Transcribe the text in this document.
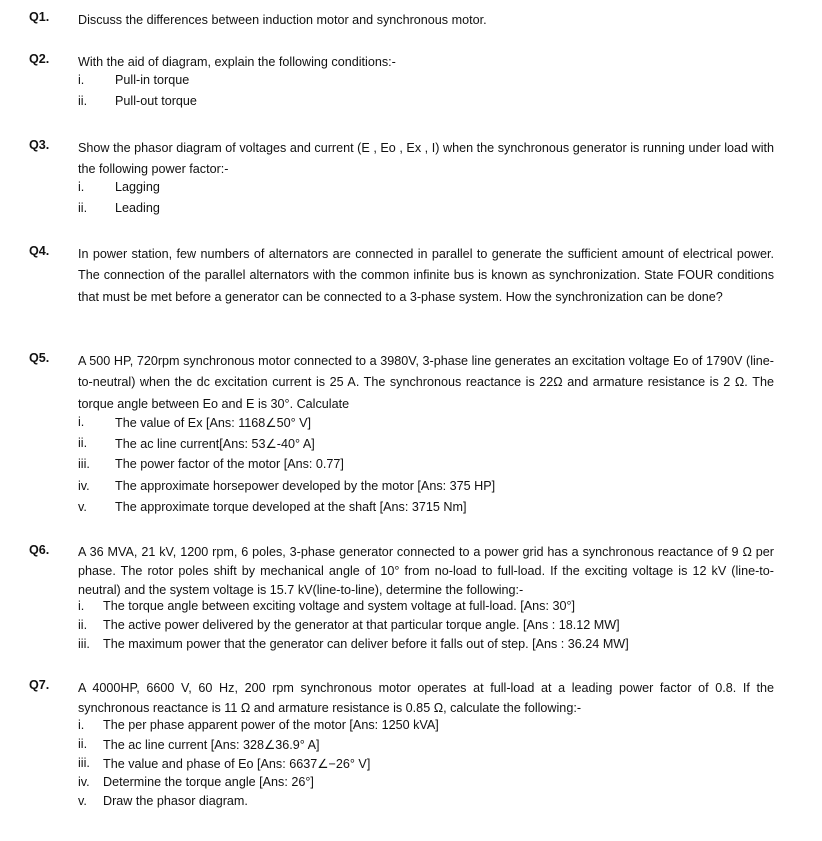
Q1. Discuss the differences between induction motor and synchronous motor.

Q2. With the aid of diagram, explain the following conditions:-

i. Pull-in torque
ii. Pull-out torque
Q3. Show the phasor diagram of voltages and current (E , Eo , Ex , I) when the synchronous generator is running under load with the following power factor:-

i. Lagging
ii. Leading
Q4. In power station, few numbers of alternators are connected in parallel to generate the sufficient amount of electrical power. The connection of the parallel alternators with the common infinite bus is known as synchronization. State FOUR conditions that must be met before a generator can be connected to a 3-phase system. How the synchronization can be done?

Q5. A 500 HP, 720rpm synchronous motor connected to a 3980V, 3-phase line generates an excitation voltage Eo of 1790V (line-to-neutral) when the dc excitation current is 25 A. The synchronous reactance is 22Ω and armature resistance is 2 Ω. The torque angle between Eo and E is 30°. Calculate

i. The value of Ex [Ans: 1168∠50° V]
ii. The ac line current[Ans: 53∠-40° A]
iii. The power factor of the motor [Ans: 0.77]
iv. The approximate horsepower developed by the motor [Ans: 375 HP]
v. The approximate torque developed at the shaft [Ans: 3715 Nm]
Q6. A 36 MVA, 21 kV, 1200 rpm, 6 poles, 3-phase generator connected to a power grid has a synchronous reactance of 9 Ω per phase. The rotor poles shift by mechanical angle of 10° from no-load to full-load. If the exciting voltage is 12 kV (line-to-neutral) and the system voltage is 15.7 kV(line-to-line), determine the following:-

i. The torque angle between exciting voltage and system voltage at full-load. [Ans: 30°]
ii. The active power delivered by the generator at that particular torque angle. [Ans : 18.12 MW]
iii. The maximum power that the generator can deliver before it falls out of step. [Ans : 36.24 MW]
Q7. A 4000HP, 6600 V, 60 Hz, 200 rpm synchronous motor operates at full-load at a leading power factor of 0.8. If the synchronous reactance is 11 Ω and armature resistance is 0.85 Ω, calculate the following:-

i. The per phase apparent power of the motor [Ans: 1250 kVA]
ii. The ac line current [Ans: 328∠36.9° A]
iii. The value and phase of Eo [Ans: 6637∠−26° V]
iv. Determine the torque angle [Ans: 26°]
v. Draw the phasor diagram.
